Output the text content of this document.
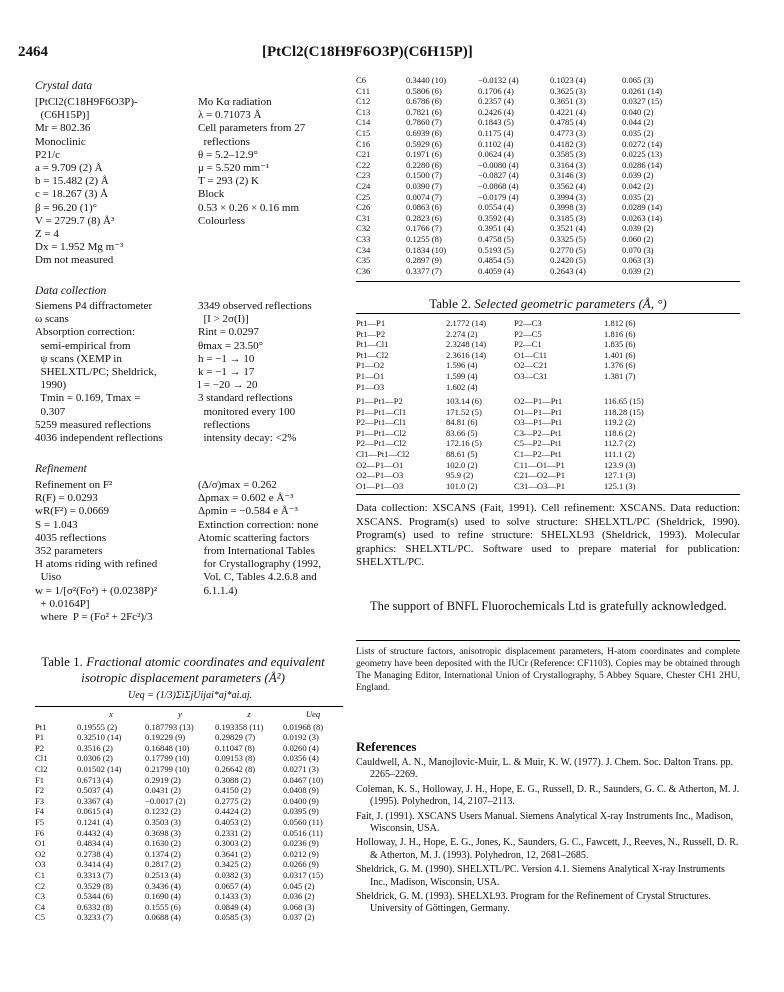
2464	[PtCl2(C18H9F6O3P)(C6H15P)]
Crystal data
[PtCl2(C18H9F6O3P)-
(C6H15P)]
Mr = 802.36
Monoclinic
P21/c
a = 9.709 (2) Å
b = 15.482 (2) Å
c = 18.267 (3) Å
β = 96.20 (1)°
V = 2729.7 (8) Å³
Z = 4
Dx = 1.952 Mg m⁻³
Dm not measured
Mo Kα radiation
λ = 0.71073 Å
Cell parameters from 27
reflections
θ = 5.2–12.9°
μ = 5.520 mm⁻¹
T = 293 (2) K
Block
0.53 × 0.26 × 0.16 mm
Colourless
Data collection
Siemens P4 diffractometer
ω scans
Absorption correction:
semi-empirical from
ψ scans (XEMP in
SHELXTL/PC; Sheldrick,
1990)
Tmin = 0.169, Tmax =
0.307
5259 measured reflections
4036 independent reflections
3349 observed reflections
[I > 2σ(I)]
Rint = 0.0297
θmax = 23.50°
h = −1 → 10
k = −1 → 17
l = −20 → 20
3 standard reflections
monitored every 100
reflections
intensity decay: <2%
Refinement
Refinement on F²
R(F) = 0.0293
wR(F²) = 0.0669
S = 1.043
4035 reflections
352 parameters
H atoms riding with refined
Uiso
w = 1/[σ²(Fo²) + (0.0238P)²
+ 0.0164P]
where  P = (Fo² + 2Fc²)/3
(Δ/σ)max = 0.262
Δρmax = 0.602 e Å⁻³
Δρmin = −0.584 e Å⁻³
Extinction correction: none
Atomic scattering factors
from International Tables
for Crystallography (1992,
Vol. C, Tables 4.2.6.8 and
6.1.1.4)
Table 1. Fractional atomic coordinates and equivalent isotropic displacement parameters (Å²)
Ueq = (1/3)ΣiΣjUijai*aj*ai.aj.
	x	y	z	Ueq
Pt1	0.19555 (2)	0.187793 (13)	0.193358 (11)	0.01968 (8)
P1	0.32510 (14)	0.19229 (9)	0.29829 (7)	0.0192 (3)
P2	0.3516 (2)	0.16848 (10)	0.11047 (8)	0.0260 (4)
Cl1	0.0306 (2)	0.17799 (10)	0.09153 (8)	0.0356 (4)
Cl2	0.01502 (14)	0.21799 (10)	0.26642 (8)	0.0271 (3)
F1	0.6713 (4)	0.2919 (2)	0.3088 (2)	0.0467 (10)
F2	0.5037 (4)	0.0431 (2)	0.4150 (2)	0.0408 (9)
F3	0.3367 (4)	−0.0017 (2)	0.2775 (2)	0.0400 (9)
F4	0.0615 (4)	0.1232 (2)	0.4424 (2)	0.0395 (9)
F5	0.1241 (4)	0.3503 (3)	0.4053 (2)	0.0560 (11)
F6	0.4432 (4)	0.3698 (3)	0.2331 (2)	0.0516 (11)
O1	0.4834 (4)	0.1630 (2)	0.3003 (2)	0.0236 (9)
O2	0.2738 (4)	0.1374 (2)	0.3641 (2)	0.0212 (9)
O3	0.3414 (4)	0.2817 (2)	0.3425 (2)	0.0266 (9)
C1	0.3313 (7)	0.2513 (4)	0.0382 (3)	0.0317 (15)
C2	0.3529 (8)	0.3436 (4)	0.0657 (4)	0.045 (2)
C3	0.5344 (6)	0.1690 (4)	0.1433 (3)	0.036 (2)
C4	0.6332 (8)	0.1555 (6)	0.0849 (4)	0.068 (3)
C5	0.3233 (7)	0.0688 (4)	0.0585 (3)	0.037 (2)
C6	0.3440 (10)	−0.0132 (4)	0.1023 (4)	0.065 (3)
C11	0.5806 (6)	0.1706 (4)	0.3625 (3)	0.0261 (14)
C12	0.6786 (6)	0.2357 (4)	0.3651 (3)	0.0327 (15)
C13	0.7821 (6)	0.2426 (4)	0.4221 (4)	0.040 (2)
C14	0.7860 (7)	0.1843 (5)	0.4785 (4)	0.044 (2)
C15	0.6939 (6)	0.1175 (4)	0.4773 (3)	0.035 (2)
C16	0.5929 (6)	0.1102 (4)	0.4182 (3)	0.0272 (14)
C21	0.1971 (6)	0.0624 (4)	0.3585 (3)	0.0225 (13)
C22	0.2280 (6)	−0.0080 (4)	0.3164 (3)	0.0286 (14)
C23	0.1500 (7)	−0.0827 (4)	0.3146 (3)	0.039 (2)
C24	0.0390 (7)	−0.0868 (4)	0.3562 (4)	0.042 (2)
C25	0.0074 (7)	−0.0179 (4)	0.3994 (3)	0.035 (2)
C26	0.0863 (6)	0.0554 (4)	0.3998 (3)	0.0289 (14)
C31	0.2823 (6)	0.3592 (4)	0.3185 (3)	0.0263 (14)
C32	0.1766 (7)	0.3951 (4)	0.3521 (4)	0.039 (2)
C33	0.1255 (8)	0.4758 (5)	0.3325 (5)	0.060 (2)
C34	0.1834 (10)	0.5193 (5)	0.2770 (5)	0.070 (3)
C35	0.2897 (9)	0.4854 (5)	0.2420 (5)	0.063 (3)
C36	0.3377 (7)	0.4059 (4)	0.2643 (4)	0.039 (2)
Table 2. Selected geometric parameters (Å, °)
Pt1—P1	2.1772 (14)	P2—C3	1.812 (6)
Pt1—P2	2.274 (2)	P2—C5	1.816 (6)
Pt1—Cl1	2.3248 (14)	P2—C1	1.835 (6)
Pt1—Cl2	2.3616 (14)	O1—C11	1.401 (6)
P1—O2	1.596 (4)	O2—C21	1.376 (6)
P1—O1	1.599 (4)	O3—C31	1.381 (7)
P1—O3	1.602 (4)		
P1—Pt1—P2	103.14 (6)	O2—P1—Pt1	116.65 (15)
P1—Pt1—Cl1	171.52 (5)	O1—P1—Pt1	118.28 (15)
P2—Pt1—Cl1	84.81 (6)	O3—P1—Pt1	119.2 (2)
P1—Pt1—Cl2	83.66 (5)	C3—P2—Pt1	118.6 (2)
P2—Pt1—Cl2	172.16 (5)	C5—P2—Pt1	112.7 (2)
Cl1—Pt1—Cl2	88.61 (5)	C1—P2—Pt1	111.1 (2)
O2—P1—O1	102.0 (2)	C11—O1—P1	123.9 (3)
O2—P1—O3	95.9 (2)	C21—O2—P1	127.1 (3)
O1—P1—O3	101.0 (2)	C31—O3—P1	125.1 (3)
Data collection: XSCANS (Fait, 1991). Cell refinement: XSCANS. Data reduction: XSCANS. Program(s) used to solve structure: SHELXTL/PC (Sheldrick, 1990). Program(s) used to refine structure: SHELXL93 (Sheldrick, 1993). Molecular graphics: SHELXTL/PC. Software used to prepare material for publication: SHELXTL/PC.
The support of BNFL Fluorochemicals Ltd is gratefully acknowledged.
Lists of structure factors, anisotropic displacement parameters, H-atom coordinates and complete geometry have been deposited with the IUCr (Reference: CF1103). Copies may be obtained through The Managing Editor, International Union of Crystallography, 5 Abbey Square, Chester CH1 2HU, England.
References

Cauldwell, A. N., Manojlovic-Muir, L. & Muir, K. W. (1977). J. Chem. Soc. Dalton Trans. pp. 2265–2269.

Coleman, K. S., Holloway, J. H., Hope, E. G., Russell, D. R., Saunders, G. C. & Atherton, M. J. (1995). Polyhedron, 14, 2107–2113.

Fait, J. (1991). XSCANS Users Manual. Siemens Analytical X-ray Instruments Inc., Madison, Wisconsin, USA.

Holloway, J. H., Hope, E. G., Jones, K., Saunders, G. C., Fawcett, J., Reeves, N., Russell, D. R. & Atherton, M. J. (1993). Polyhedron, 12, 2681–2685.

Sheldrick, G. M. (1990). SHELXTL/PC. Version 4.1. Siemens Analytical X-ray Instruments Inc., Madison, Wisconsin, USA.

Sheldrick, G. M. (1993). SHELXL93. Program for the Refinement of Crystal Structures. University of Göttingen, Germany.
